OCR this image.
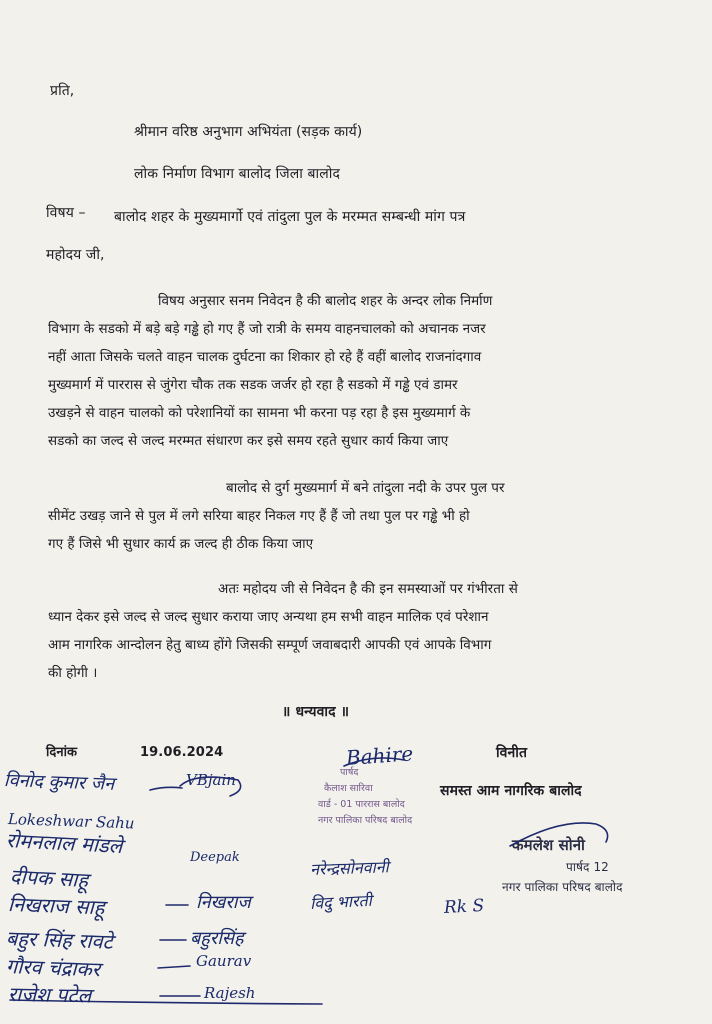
प्रति,
श्रीमान वरिष्ठ अनुभाग अभियंता (सड़क कार्य)
लोक निर्माण विभाग बालोद जिला बालोद
विषय – बालोद शहर के मुख्यमार्गो एवं तांदुला पुल के मरम्मत सम्बन्धी मांग पत्र
महोदय जी,
विषय अनुसार सनम निवेदन है की बालोद शहर के अन्दर लोक निर्माण
विभाग के सडको में बड़े बड़े गड्ढे हो गए हैं जो रात्री के समय वाहनचालको को अचानक नजर
नहीं आता जिसके चलते वाहन चालक दुर्घटना का शिकार हो रहे हैं वहीं बालोद राजनांदगाव
मुख्यमार्ग में पाररास से जुंगेरा चौक तक सडक जर्जर हो रहा है सडको में गड्ढे एवं डामर
उखड़ने से वाहन चालको को परेशानियों का सामना भी करना पड़ रहा है इस मुख्यमार्ग के
सडको का जल्द से जल्द मरम्मत संधारण कर इसे समय रहते सुधार कार्य किया जाए
बालोद से दुर्ग मुख्यमार्ग में बने तांदुला नदी के उपर पुल पर
सीमेंट उखड़ जाने से पुल में लगे सरिया बाहर निकल गए हैं हैं जो तथा पुल पर गड्ढे भी हो
गए हैं जिसे भी सुधार कार्य क्र जल्द ही ठीक किया जाए
अतः महोदय जी से निवेदन है की इन समस्याओं पर गंभीरता से
ध्यान देकर इसे जल्द से जल्द सुधार कराया जाए अन्यथा हम सभी वाहन मालिक एवं परेशान
आम नागरिक आन्दोलन हेतु बाध्य होंगे जिसकी सम्पूर्ण जवाबदारी आपकी एवं आपके विभाग
की होगी ।
॥ धन्यवाद ॥
दिनांक	19.06.2024	विनीत
समस्त आम नागरिक बालोद
विनोद कुमार जैन	VBjain
Lokeshwar Sahu
रोमनलाल मांडले
दीपक साहू
Deepak
निखराज साहू	निखराज
बहुर सिंह रावटे	बहुरसिंह
गौरव चंद्राकर	Gaurav
राजेश पटेल	Rajesh
Bahire
पार्षद
कैलाश सारिवा
वार्ड - 01 पाररास बालोद
नगर पालिका परिषद बालोद
नरेन्द्रसोनवानी
विदु भारती	Rk S
कमलेश सोनी
पार्षद 12
नगर पालिका परिषद बालोद
